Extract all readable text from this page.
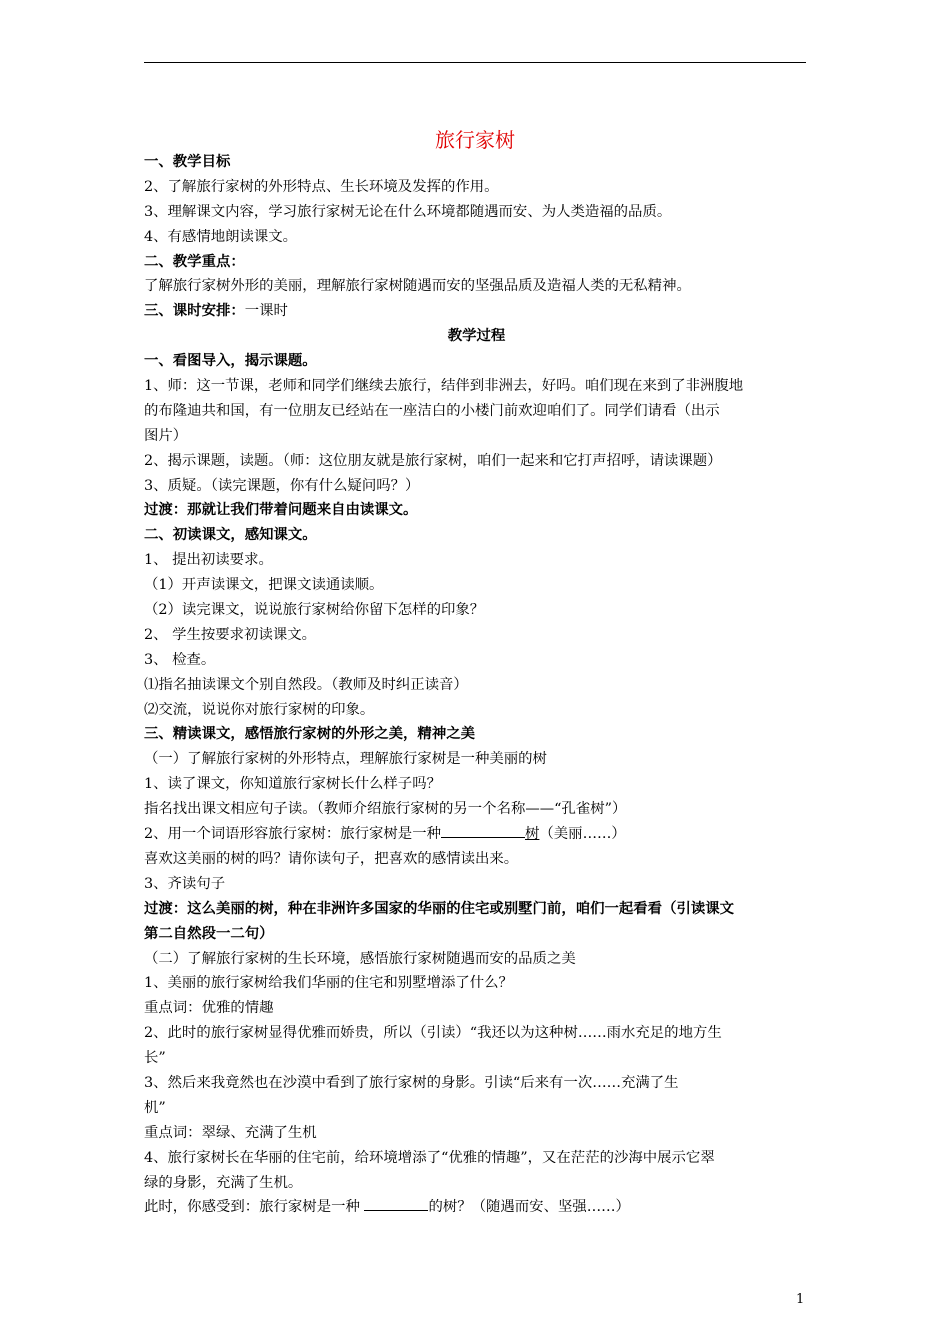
旅行家树
一、教学目标
2、了解旅行家树的外形特点、生长环境及发挥的作用。
3、理解课文内容，学习旅行家树无论在什么环境都随遇而安、为人类造福的品质。
4、有感情地朗读课文。
二、教学重点：
了解旅行家树外形的美丽，理解旅行家树随遇而安的坚强品质及造福人类的无私精神。
三、课时安排：一课时
教学过程
一、看图导入，揭示课题。
1、师：这一节课，老师和同学们继续去旅行，结伴到非洲去，好吗。咱们现在来到了非洲腹地
的布隆迪共和国，有一位朋友已经站在一座洁白的小楼门前欢迎咱们了。同学们请看（出示
图片）
2、揭示课题，读题。（师：这位朋友就是旅行家树，咱们一起来和它打声招呼，请读课题）
3、质疑。（读完课题，你有什么疑问吗？）
过渡：那就让我们带着问题来自由读课文。
二、初读课文，感知课文。
1、 提出初读要求。
（1）开声读课文，把课文读通读顺。
（2）读完课文，说说旅行家树给你留下怎样的印象？
2、 学生按要求初读课文。
3、 检查。
⑴指名抽读课文个别自然段。（教师及时纠正读音）
⑵交流，说说你对旅行家树的印象。
三、精读课文，感悟旅行家树的外形之美，精神之美
（一）了解旅行家树的外形特点，理解旅行家树是一种美丽的树
1、读了课文，你知道旅行家树长什么样子吗？
指名找出课文相应句子读。（教师介绍旅行家树的另一个名称——“孔雀树”）
2、用一个词语形容旅行家树：旅行家树是一种	树（美丽……）
喜欢这美丽的树的吗？请你读句子，把喜欢的感情读出来。
3、齐读句子
过渡：这么美丽的树，种在非洲许多国家的华丽的住宅或别墅门前，咱们一起看看（引读课文
第二自然段一二句）
（二）了解旅行家树的生长环境，感悟旅行家树随遇而安的品质之美
1、美丽的旅行家树给我们华丽的住宅和别墅增添了什么？
重点词：优雅的情趣
2、此时的旅行家树显得优雅而娇贵，所以（引读）“我还以为这种树……雨水充足的地方生
长”
3、然后来我竟然也在沙漠中看到了旅行家树的身影。引读“后来有一次……充满了生
机”
重点词：翠绿、充满了生机
4、旅行家树长在华丽的住宅前，给环境增添了“优雅的情趣”，又在茫茫的沙海中展示它翠
绿的身影，充满了生机。
此时，你感受到：旅行家树是一种	的树？（随遇而安、坚强……）
1
